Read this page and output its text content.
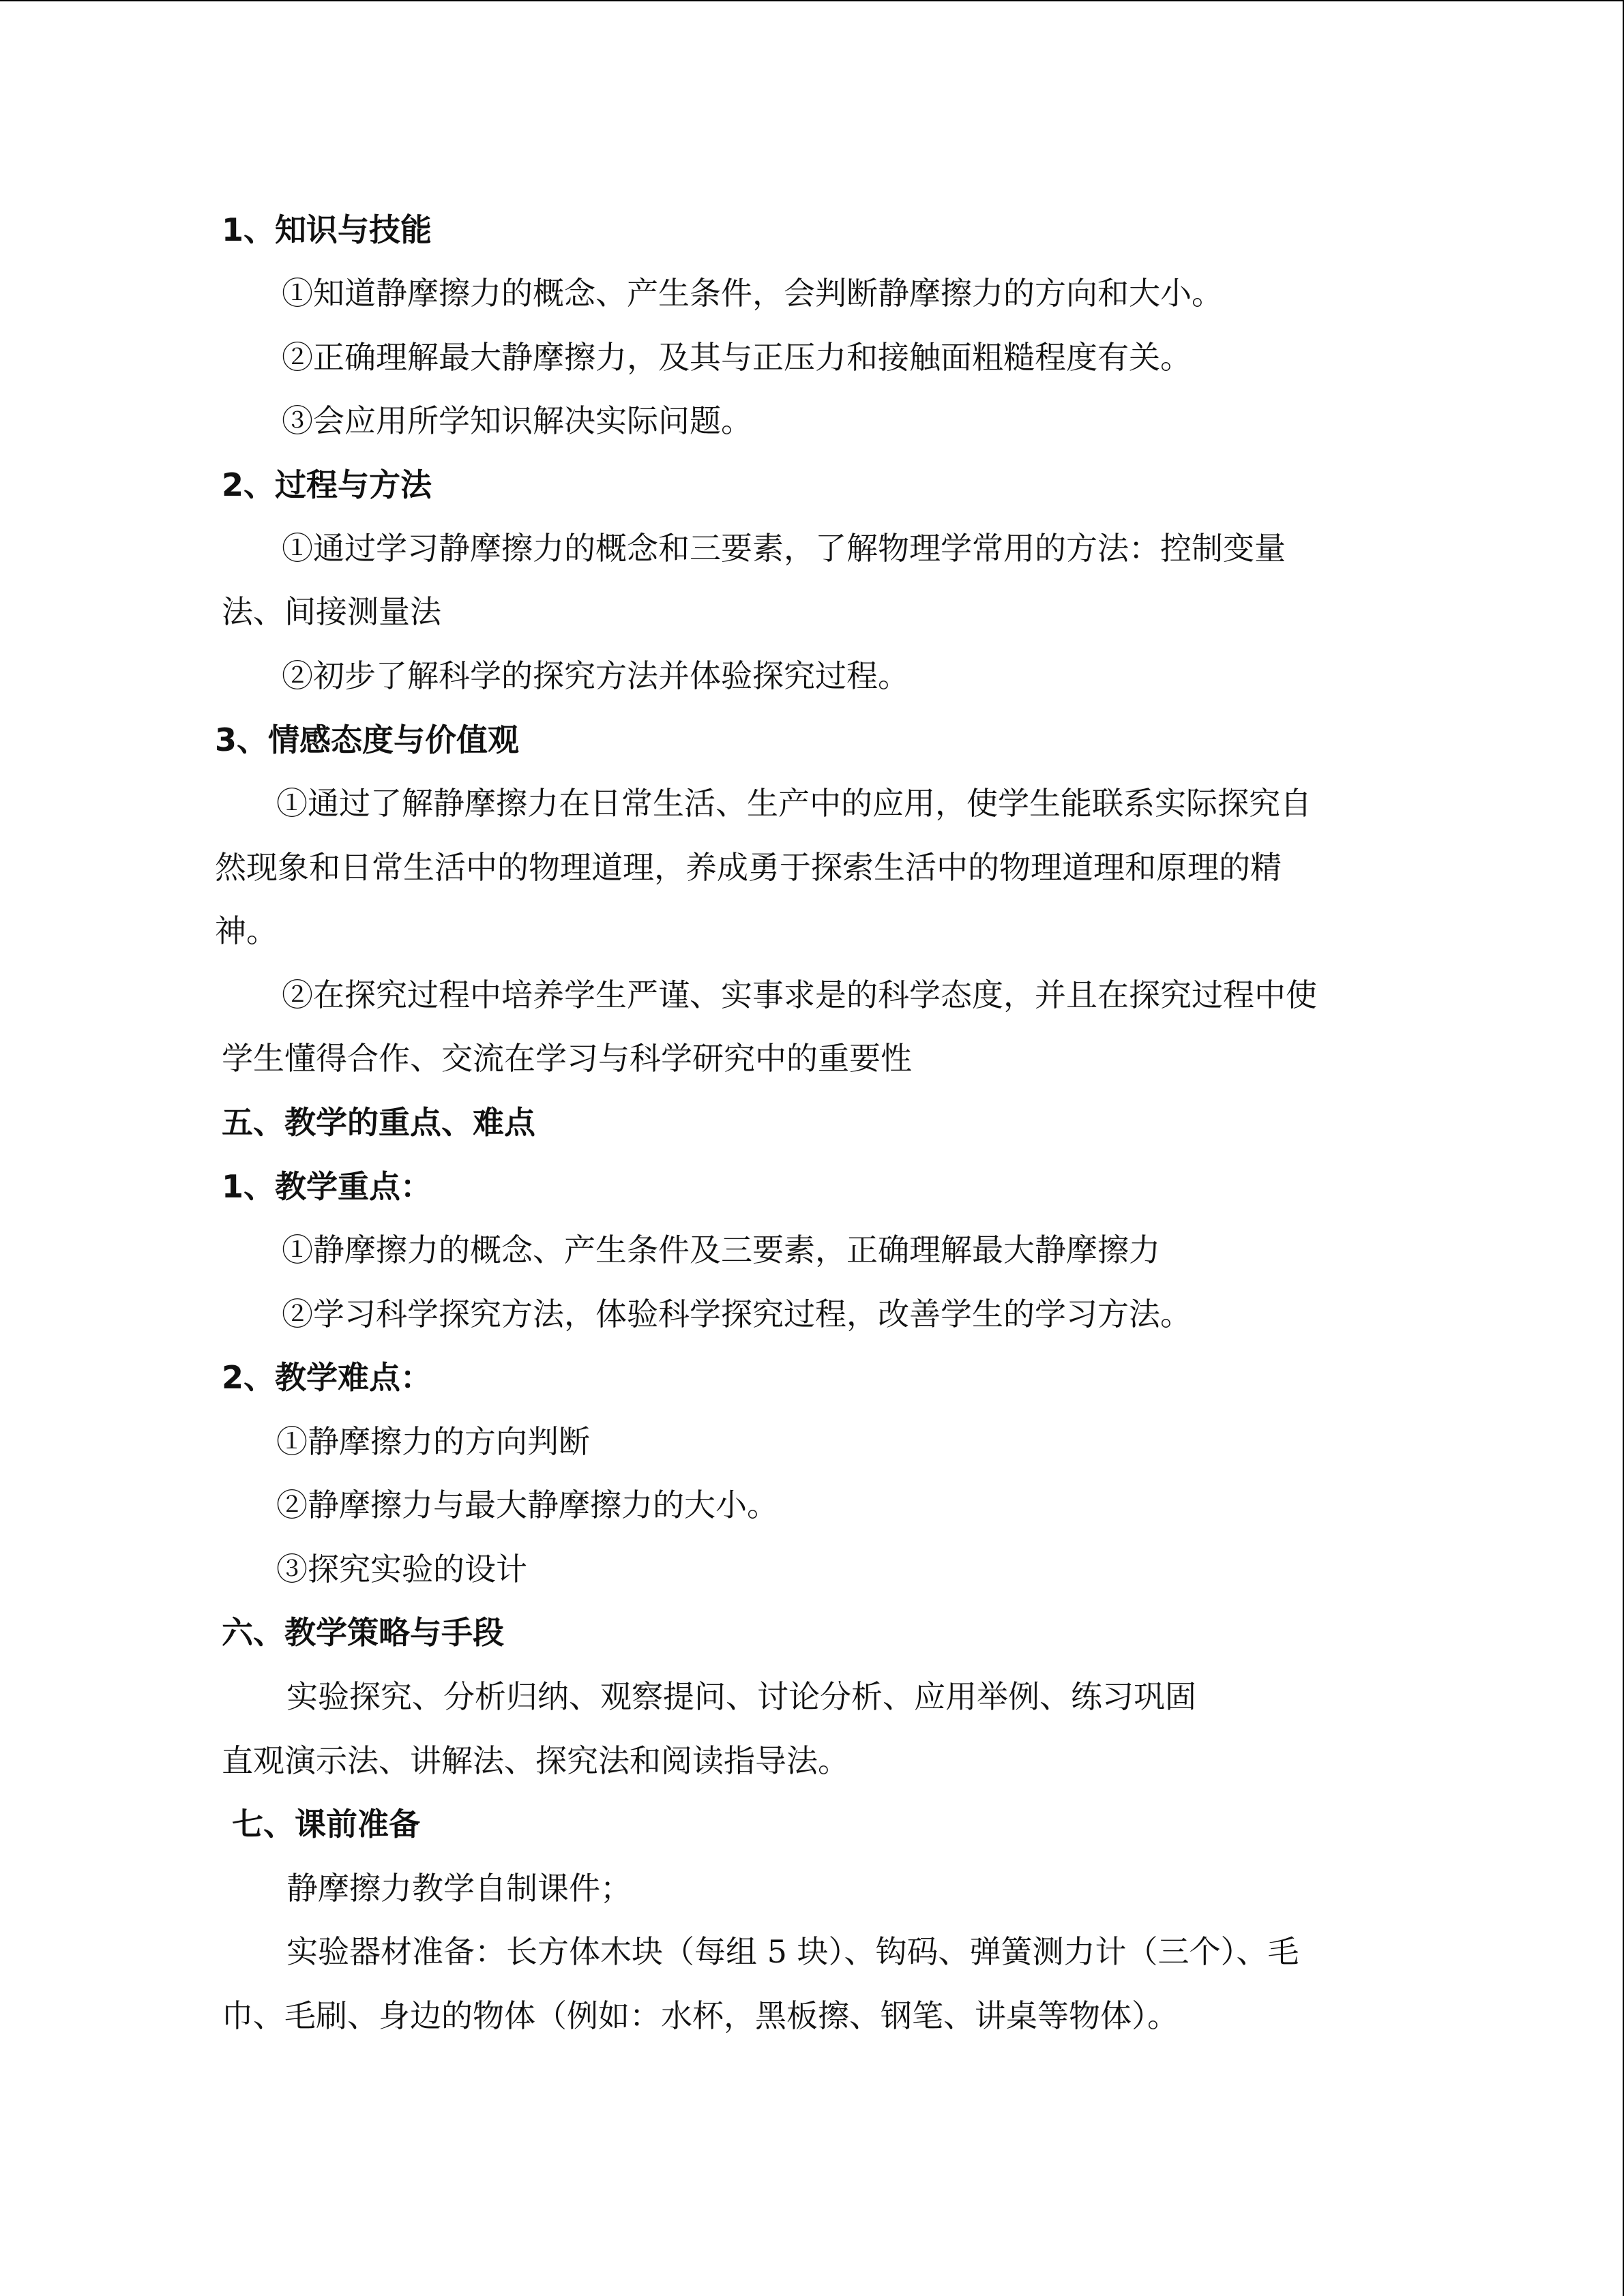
1、知识与技能
①知道静摩擦力的概念、产生条件，会判断静摩擦力的方向和大小。
②正确理解最大静摩擦力，及其与正压力和接触面粗糙程度有关。
③会应用所学知识解决实际问题。
2、过程与方法
①通过学习静摩擦力的概念和三要素，了解物理学常用的方法：控制变量
法、间接测量法
②初步了解科学的探究方法并体验探究过程。
3、情感态度与价值观
①通过了解静摩擦力在日常生活、生产中的应用，使学生能联系实际探究自
然现象和日常生活中的物理道理，养成勇于探索生活中的物理道理和原理的精
神。
②在探究过程中培养学生严谨、实事求是的科学态度，并且在探究过程中使
学生懂得合作、交流在学习与科学研究中的重要性
五、教学的重点、难点
1、教学重点：
①静摩擦力的概念、产生条件及三要素，正确理解最大静摩擦力
②学习科学探究方法，体验科学探究过程，改善学生的学习方法。
2、教学难点：
①静摩擦力的方向判断
②静摩擦力与最大静摩擦力的大小。
③探究实验的设计
六、教学策略与手段
实验探究、分析归纳、观察提问、讨论分析、应用举例、练习巩固
直观演示法、讲解法、探究法和阅读指导法。
七、课前准备
静摩擦力教学自制课件；
实验器材准备：长方体木块（每组 5 块）、钩码、弹簧测力计（三个）、毛
巾、毛刷、身边的物体（例如：水杯，黑板擦、钢笔、讲桌等物体）。
